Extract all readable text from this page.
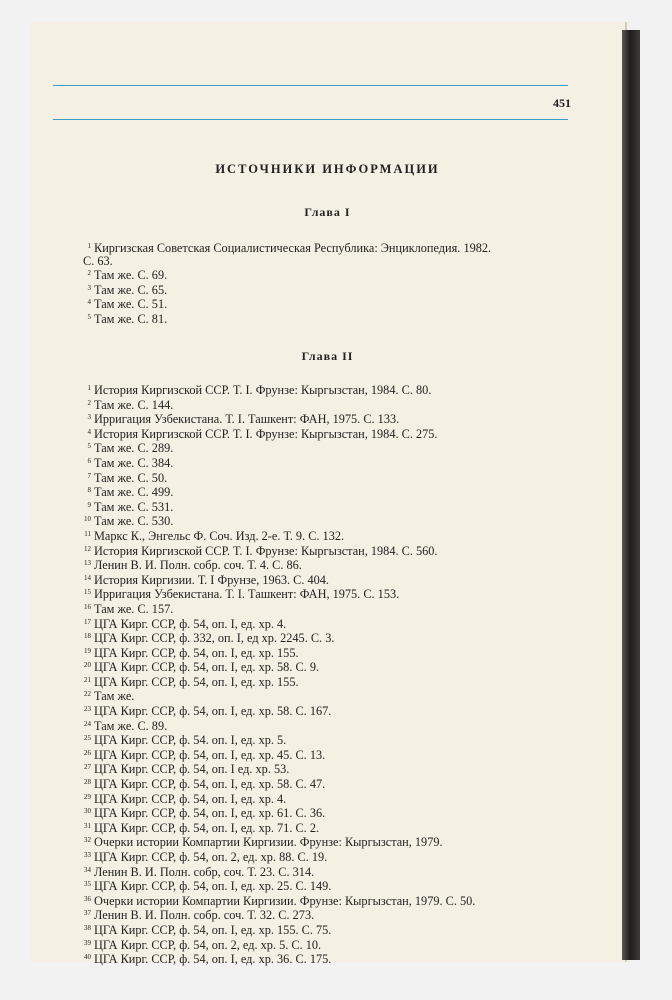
451
ИСТОЧНИКИ ИНФОРМАЦИИ
Глава I

1 Киргизская Советская Социалистическая Республика: Энциклопедия. 1982.

С. 63.

2 Там же. С. 69.

3 Там же. С. 65.

4 Там же. С. 51.

5 Там же. С. 81.

Глава II

1 История Киргизской ССР. Т. I. Фрунзе: Кыргызстан, 1984. С. 80.

2 Там же. С. 144.

3 Ирригация Узбекистана. Т. I. Ташкент: ФАН, 1975. С. 133.

4 История Киргизской ССР. Т. I. Фрунзе: Кыргызстан, 1984. С. 275.

5 Там же. С. 289.

6 Там же. С. 384.

7 Там же. С. 50.

8 Там же. С. 499.

9 Там же. С. 531.

10 Там же. С. 530.

11 Маркс К., Энгельс Ф. Соч. Изд. 2-е. Т. 9. С. 132.

12 История Киргизской ССР. Т. I. Фрунзе: Кыргызстан, 1984. С. 560.

13 Ленин В. И. Полн. собр. соч. Т. 4. С. 86.

14 История Киргизии. Т. I Фрунзе, 1963. С. 404.

15 Ирригация Узбекистана. Т. I. Ташкент: ФАН, 1975. С. 153.

16 Там же. С. 157.

17 ЦГА Кирг. ССР, ф. 54, оп. I, ед. хр. 4.

18 ЦГА Кирг. ССР, ф. 332, оп. I, ед хр. 2245. С. 3.

19 ЦГА Кирг. ССР, ф. 54, оп. I, ед. хр. 155.

20 ЦГА Кирг. ССР, ф. 54, оп. I, ед. хр. 58. С. 9.

21 ЦГА Кирг. ССР, ф. 54, оп. I, ед. хр. 155.

22 Там же.

23 ЦГА Кирг. ССР, ф. 54, оп. I, ед. хр. 58. С. 167.

24 Там же. С. 89.

25 ЦГА Кирг. ССР, ф. 54. оп. I, ед. хр. 5.

26 ЦГА Кирг. ССР, ф. 54, оп. I, ед. хр. 45. С. 13.

27 ЦГА Кирг. ССР, ф. 54, оп. I ед. хр. 53.

28 ЦГА Кирг. ССР, ф. 54, оп. I, ед. хр. 58. С. 47.

29 ЦГА Кирг. ССР, ф. 54, оп. I, ед. хр. 4.

30 ЦГА Кирг. ССР, ф. 54, оп. I, ед. хр. 61. С. 36.

31 ЦГА Кирг. ССР, ф. 54, оп. I, ед. хр. 71. С. 2.

32 Очерки истории Компартии Киргизии. Фрунзе: Кыргызстан, 1979.

33 ЦГА Кирг. ССР, ф. 54, оп. 2, ед. хр. 88. С. 19.

34 Ленин В. И. Полн. собр, соч. Т. 23. С. 314.

35 ЦГА Кирг. ССР, ф. 54, оп. I, ед. хр. 25. С. 149.

36 Очерки истории Компартии Киргизии. Фрунзе: Кыргызстан, 1979. С. 50.

37 Ленин В. И. Полн. собр. соч. Т. 32. С. 273.

38 ЦГА Кирг. ССР, ф. 54, оп. I, ед. хр. 155. С. 75.

39 ЦГА Кирг. ССР, ф. 54, оп. 2, ед. хр. 5. С. 10.

40 ЦГА Кирг. ССР, ф. 54, оп. I, ед. хр. 36. С. 175.
